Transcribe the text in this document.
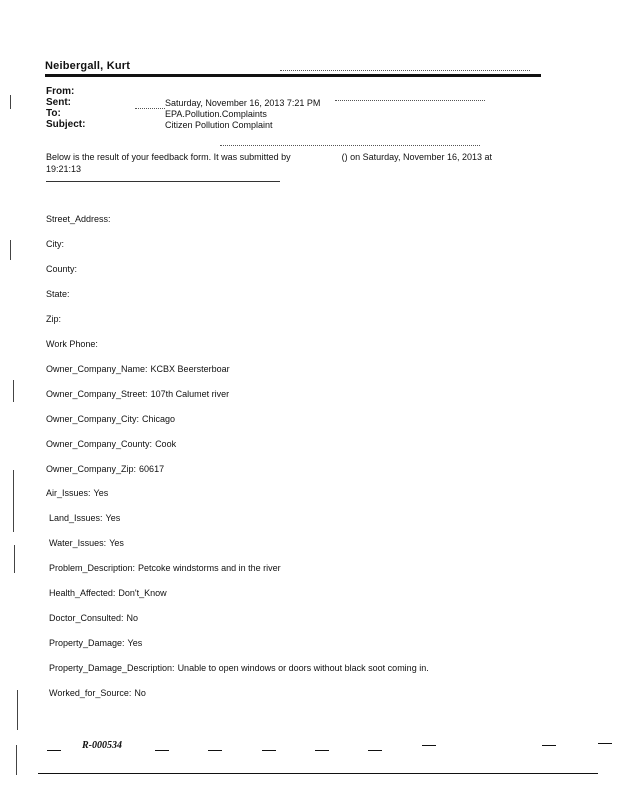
Neibergall, Kurt
From:
Sent:	Saturday, November 16, 2013 7:21 PM
To:	EPA.Pollution.Complaints
Subject:	Citizen Pollution Complaint
Below is the result of your feedback form. It was submitted by	() on Saturday, November 16, 2013 at
19:21:13
Street_Address:
City:
County:
State:
Zip:
Work Phone:
Owner_Company_Name: KCBX Beersterboar
Owner_Company_Street: 107th Calumet river
Owner_Company_City: Chicago
Owner_Company_County: Cook
Owner_Company_Zip: 60617
Air_Issues: Yes
Land_Issues: Yes
Water_Issues: Yes
Problem_Description: Petcoke windstorms and in the river
Health_Affected: Don't_Know
Doctor_Consulted: No
Property_Damage: Yes
Property_Damage_Description: Unable to open windows or doors without black soot coming in.
Worked_for_Source: No
R-000534
